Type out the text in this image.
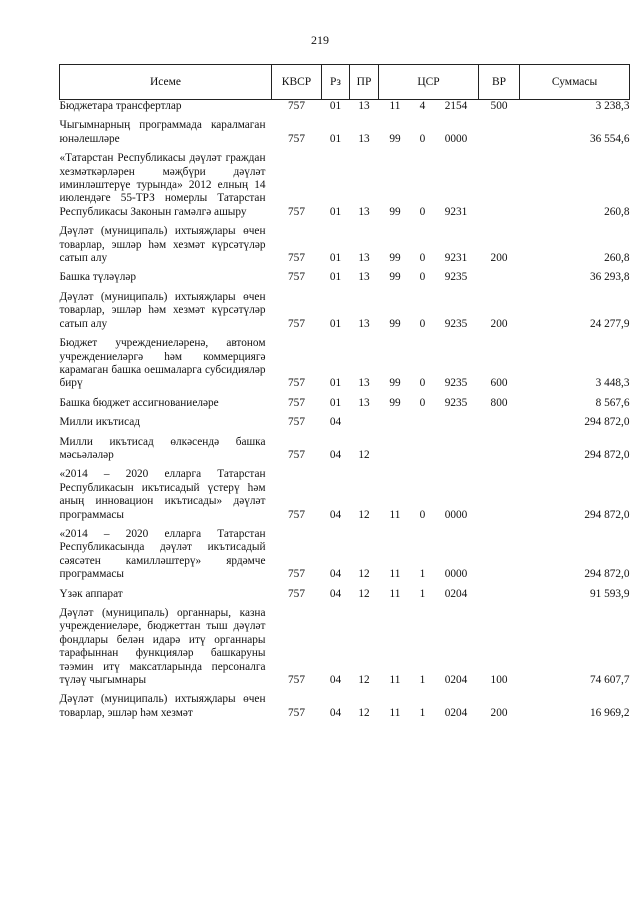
219
Исеме	КВСР	Рз	ПР	ЦСР			ВР	Суммасы
Бюджетара трансфертлар	757	01	13	11	4	2154	500	3 238,3
Чыгымнарның программада каралмаган юнәлешләре	757	01	13	99	0	0000		36 554,6
«Татарстан Республикасы дәүләт граждан хезмәткәрләрен мәҗбүри дәүләт иминләштерүе турында» 2012 елның 14 июлендәге 55-ТРЗ номерлы Татарстан Республикасы Законын гамәлгә ашыру	757	01	13	99	0	9231		260,8
Дәүләт (муниципаль) ихтыяҗлары өчен товарлар, эшләр һәм хезмәт күрсәтүләр сатып алу	757	01	13	99	0	9231	200	260,8
Башка түләүләр	757	01	13	99	0	9235		36 293,8
Дәүләт (муниципаль) ихтыяҗлары өчен товарлар, эшләр һәм хезмәт күрсәтүләр сатып алу	757	01	13	99	0	9235	200	24 277,9
Бюджет учреждениеләренә, автоном учреждениеләргә һәм коммерциягә карамаган башка оешмаларга субсидияләр бирү	757	01	13	99	0	9235	600	3 448,3
Башка бюджет ассигнованиеләре	757	01	13	99	0	9235	800	8 567,6
Милли икътисад	757	04						294 872,0
Милли икътисад өлкәсендә башка мәсьәләләр	757	04	12					294 872,0
«2014 – 2020 елларга Татарстан Республикасын икътисадый үстерү һәм аның инновацион икътисады» дәүләт программасы	757	04	12	11	0	0000		294 872,0
«2014 – 2020 елларга Татарстан Республикасында дәүләт икътисадый сәясәтен камилләштерү» ярдәмче программасы	757	04	12	11	1	0000		294 872,0
Үзәк аппарат	757	04	12	11	1	0204		91 593,9
Дәүләт (муниципаль) органнары, казна учреждениеләре, бюджеттан тыш дәүләт фондлары белән идарә итү органнары тарафыннан функцияләр башкаруны тәэмин итү максатларында персоналга түләү чыгымнары	757	04	12	11	1	0204	100	74 607,7
Дәүләт (муниципаль) ихтыяҗлары өчен товарлар, эшләр һәм хезмәт	757	04	12	11	1	0204	200	16 969,2
